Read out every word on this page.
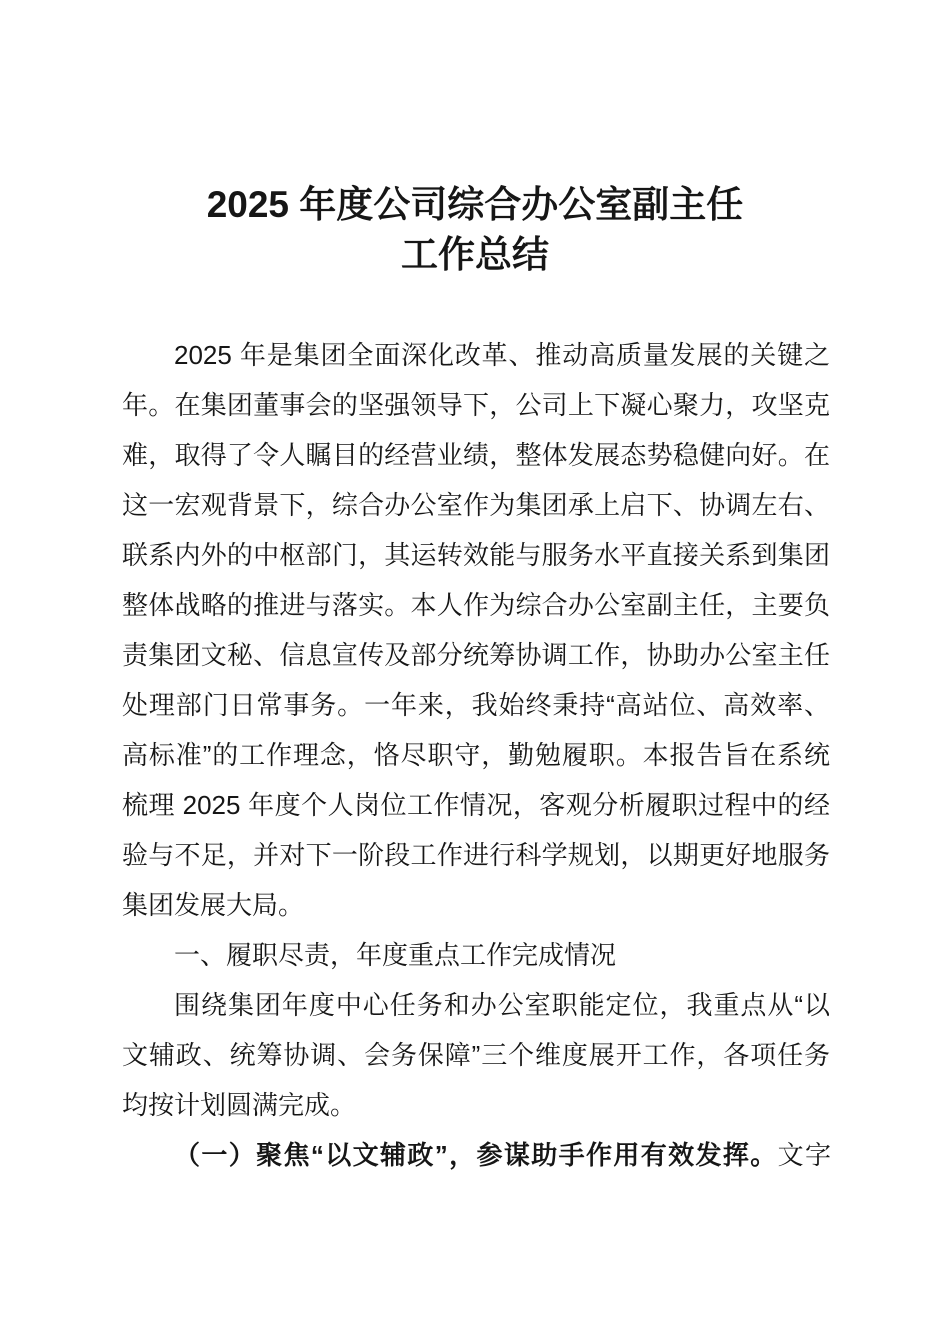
2025 年度公司综合办公室副主任
工作总结
2025 年是集团全面深化改革、推动高质量发展的关键之
年。在集团董事会的坚强领导下，公司上下凝心聚力，攻坚克
难，取得了令人瞩目的经营业绩，整体发展态势稳健向好。在
这一宏观背景下，综合办公室作为集团承上启下、协调左右、
联系内外的中枢部门，其运转效能与服务水平直接关系到集团
整体战略的推进与落实。本人作为综合办公室副主任，主要负
责集团文秘、信息宣传及部分统筹协调工作，协助办公室主任
处理部门日常事务。一年来，我始终秉持“高站位、高效率、
高标准”的工作理念，恪尽职守，勤勉履职。本报告旨在系统
梳理 2025 年度个人岗位工作情况，客观分析履职过程中的经
验与不足，并对下一阶段工作进行科学规划，以期更好地服务
集团发展大局。
一、履职尽责，年度重点工作完成情况
围绕集团年度中心任务和办公室职能定位，我重点从“以
文辅政、统筹协调、会务保障”三个维度展开工作，各项任务
均按计划圆满完成。
（一）聚焦“以文辅政”，参谋助手作用有效发挥。文字
